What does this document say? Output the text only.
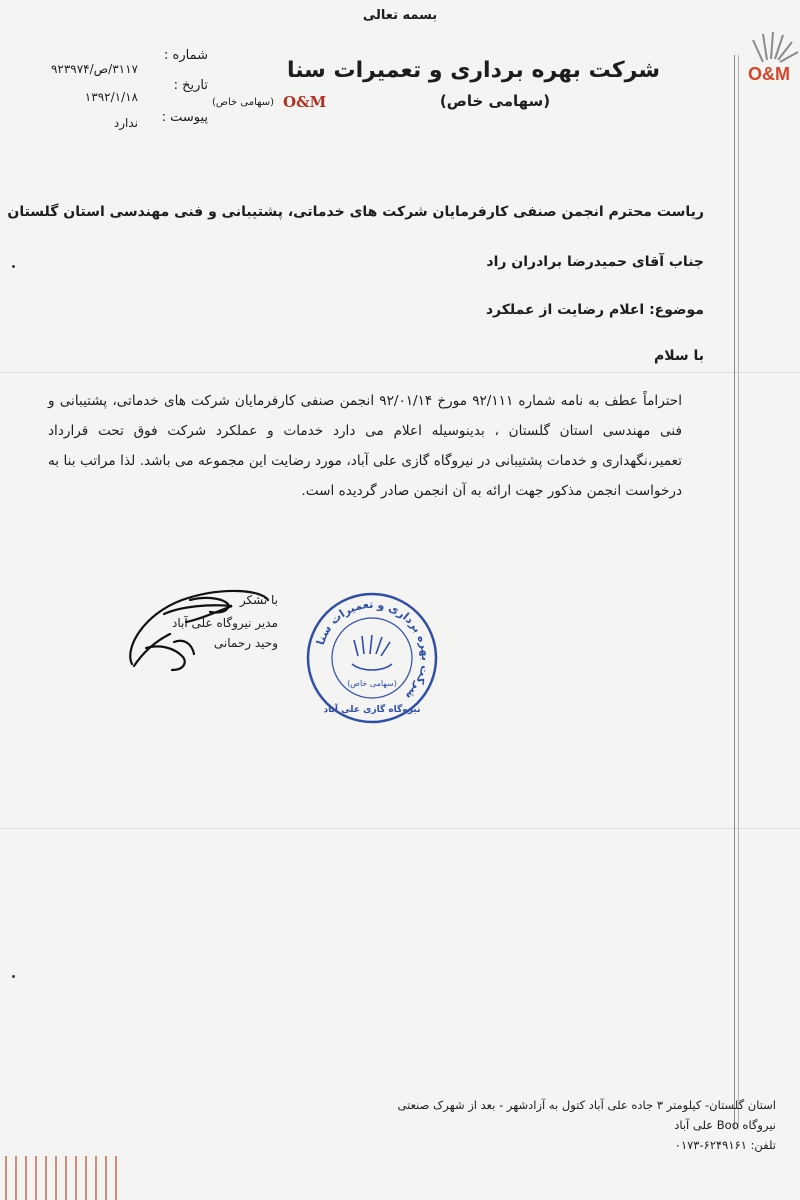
بسمه تعالی
شرکت بهره برداری و تعمیرات سنا
(سهامی خاص)
O&M
(سهامی خاص)
O&M
شماره :
۳۱۱۷/ص/۹۲۳۹۷۴
تاریخ :
۱۳۹۲/۱/۱۸
پیوست :
ندارد
ریاست محترم انجمن صنفی کارفرمایان شرکت های خدماتی، پشتیبانی و فنی مهندسی استان گلستان
جناب آقای حمیدرضا برادران راد
موضوع: اعلام رضایت از عملکرد
با سلام
احتراماً عطف به نامه شماره ۹۲/۱۱۱ مورخ ۹۲/۰۱/۱۴ انجمن صنفی کارفرمایان شرکت های خدماتی، پشتیبانی و فنی مهندسی استان گلستان ، بدینوسیله اعلام می دارد خدمات و عملکرد شرکت فوق تحت قرارداد تعمیر،نگهداری و خدمات پشتیبانی در نیروگاه گازی علی آباد، مورد رضایت این مجموعه می باشد. لذا مراتب بنا به درخواست انجمن مذکور جهت ارائه به آن انجمن صادر گردیده است.
با تشکر
مدیر نیروگاه علی آباد
وحید رحمانی	شرکت بهره برداری و تعمیرات سنا
(سهامی خاص)
نیروگاه گازی علی آباد
استان گلستان- کیلومتر ۳ جاده علی آباد کتول به آزادشهر - بعد از شهرک صنعتی
نیروگاه Boo علی آباد
تلفن: ۶۲۴۹۱۶۱-۰۱۷۳
